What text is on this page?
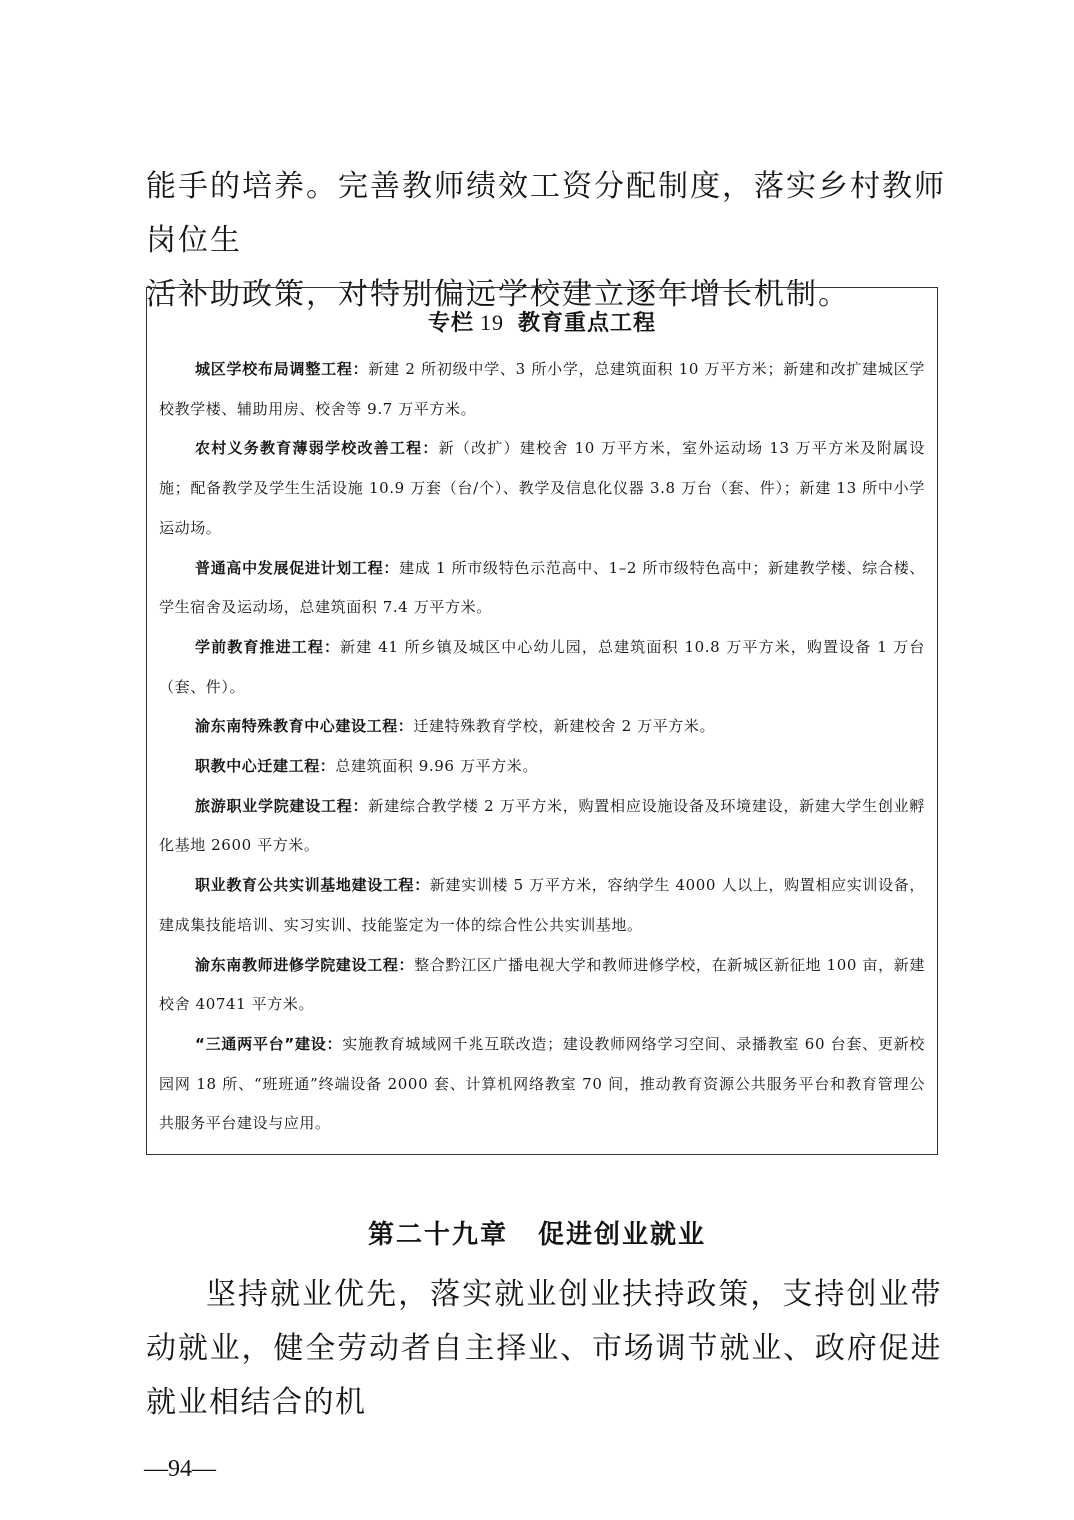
能手的培养。完善教师绩效工资分配制度，落实乡村教师岗位生

活补助政策，对特别偏远学校建立逐年增长机制。

专栏 19 教育重点工程

城区学校布局调整工程：新建 2 所初级中学、3 所小学，总建筑面积 10 万平方米；新建和改扩建城区学校教学楼、辅助用房、校舍等 9.7 万平方米。

农村义务教育薄弱学校改善工程：新（改扩）建校舍 10 万平方米，室外运动场 13 万平方米及附属设施；配备教学及学生生活设施 10.9 万套（台/个）、教学及信息化仪器 3.8 万台（套、件）；新建 13 所中小学运动场。

普通高中发展促进计划工程：建成 1 所市级特色示范高中、1–2 所市级特色高中；新建教学楼、综合楼、学生宿舍及运动场，总建筑面积 7.4 万平方米。

学前教育推进工程：新建 41 所乡镇及城区中心幼儿园，总建筑面积 10.8 万平方米，购置设备 1 万台（套、件）。

渝东南特殊教育中心建设工程：迁建特殊教育学校，新建校舍 2 万平方米。

职教中心迁建工程：总建筑面积 9.96 万平方米。

旅游职业学院建设工程：新建综合教学楼 2 万平方米，购置相应设施设备及环境建设，新建大学生创业孵化基地 2600 平方米。

职业教育公共实训基地建设工程：新建实训楼 5 万平方米，容纳学生 4000 人以上，购置相应实训设备，建成集技能培训、实习实训、技能鉴定为一体的综合性公共实训基地。

渝东南教师进修学院建设工程：整合黔江区广播电视大学和教师进修学校，在新城区新征地 100 亩，新建校舍 40741 平方米。

“三通两平台”建设：实施教育城域网千兆互联改造；建设教师网络学习空间、录播教室 60 台套、更新校园网 18 所、“班班通”终端设备 2000 套、计算机网络教室 70 间，推动教育资源公共服务平台和教育管理公共服务平台建设与应用。

第二十九章 促进创业就业

坚持就业优先，落实就业创业扶持政策，支持创业带动就业，健全劳动者自主择业、市场调节就业、政府促进就业相结合的机

—94—
